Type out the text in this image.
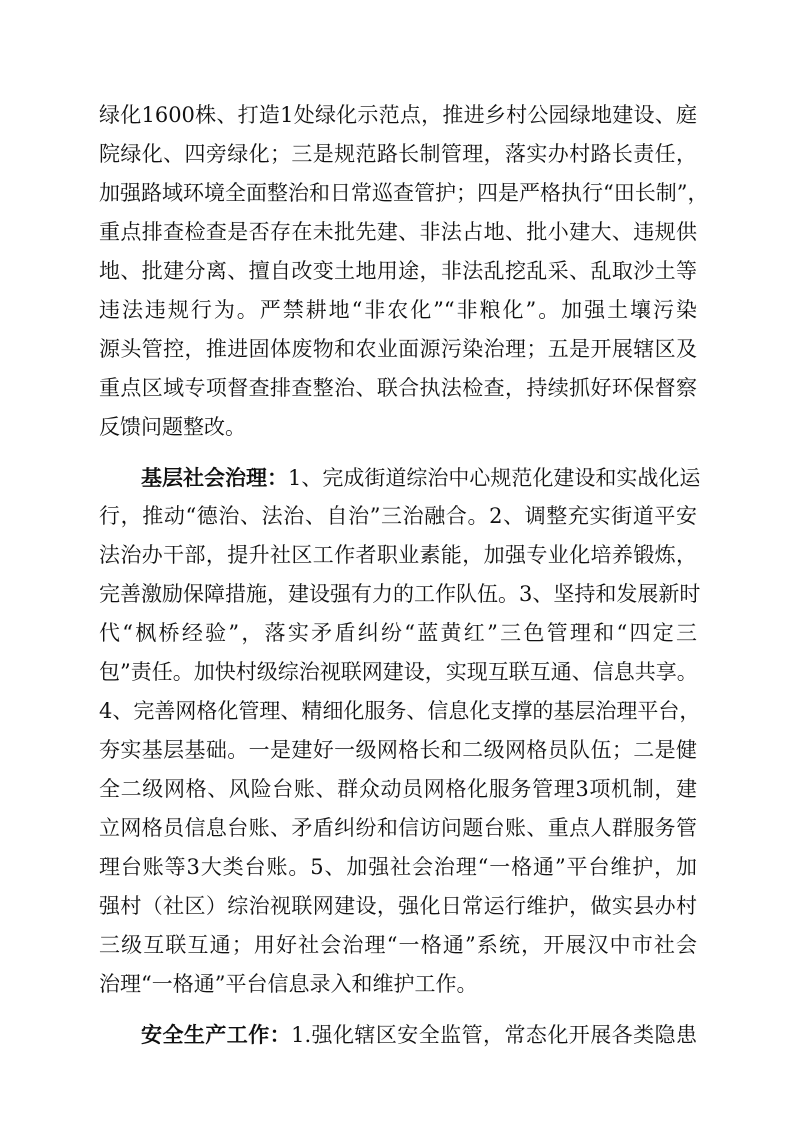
绿化1600株、打造1处绿化示范点，推进乡村公园绿地建设、庭
院绿化、四旁绿化；三是规范路长制管理，落实办村路长责任，
加强路域环境全面整治和日常巡查管护；四是严格执行“田长制”，
重点排查检查是否存在未批先建、非法占地、批小建大、违规供
地、批建分离、擅自改变土地用途，非法乱挖乱采、乱取沙土等
违法违规行为。严禁耕地“非农化”“非粮化”。加强土壤污染
源头管控，推进固体废物和农业面源污染治理；五是开展辖区及
重点区域专项督查排查整治、联合执法检查，持续抓好环保督察
反馈问题整改。
基层社会治理：1、完成街道综治中心规范化建设和实战化运
行，推动“德治、法治、自治”三治融合。2、调整充实街道平安
法治办干部，提升社区工作者职业素能，加强专业化培养锻炼，
完善激励保障措施，建设强有力的工作队伍。3、坚持和发展新时
代“枫桥经验”，落实矛盾纠纷“蓝黄红”三色管理和“四定三
包”责任。加快村级综治视联网建设，实现互联互通、信息共享。
4、完善网格化管理、精细化服务、信息化支撑的基层治理平台，
夯实基层基础。一是建好一级网格长和二级网格员队伍；二是健
全二级网格、风险台账、群众动员网格化服务管理3项机制，建
立网格员信息台账、矛盾纠纷和信访问题台账、重点人群服务管
理台账等3大类台账。5、加强社会治理“一格通”平台维护，加
强村（社区）综治视联网建设，强化日常运行维护，做实县办村
三级互联互通；用好社会治理“一格通”系统，开展汉中市社会
治理“一格通”平台信息录入和维护工作。
安全生产工作：1.强化辖区安全监管，常态化开展各类隐患
